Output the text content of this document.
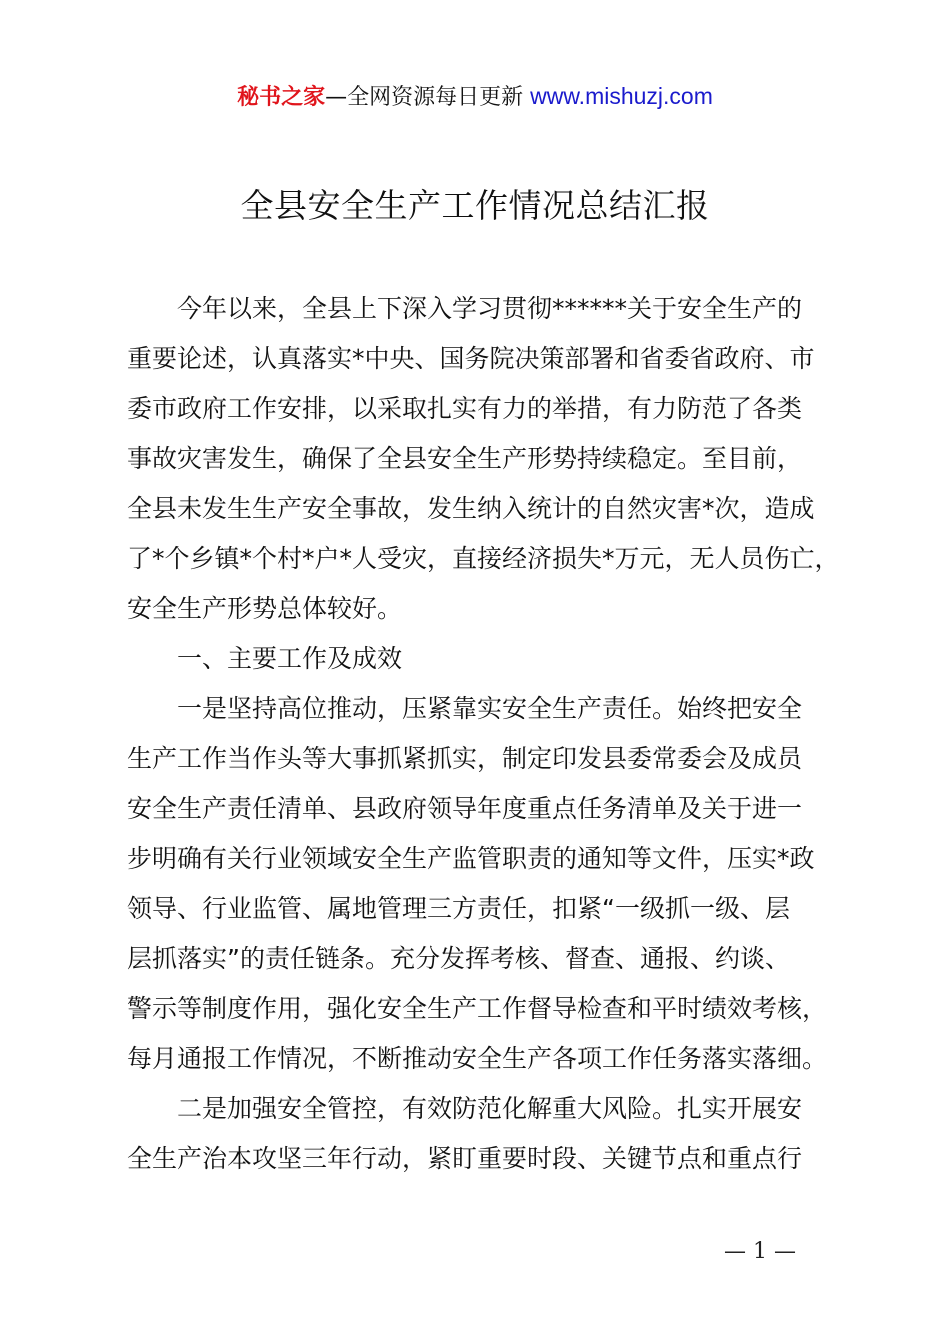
秘书之家—全网资源每日更新 www.mishuzj.com
全县安全生产工作情况总结汇报
　　今年以来，全县上下深入学习贯彻******关于安全生产的
重要论述，认真落实*中央、国务院决策部署和省委省政府、市
委市政府工作安排，以采取扎实有力的举措，有力防范了各类
事故灾害发生，确保了全县安全生产形势持续稳定。至目前，
全县未发生生产安全事故，发生纳入统计的自然灾害*次，造成
了*个乡镇*个村*户*人受灾，直接经济损失*万元，无人员伤亡，
安全生产形势总体较好。
　　一、主要工作及成效
　　一是坚持高位推动，压紧靠实安全生产责任。始终把安全
生产工作当作头等大事抓紧抓实，制定印发县委常委会及成员
安全生产责任清单、县政府领导年度重点任务清单及关于进一
步明确有关行业领域安全生产监管职责的通知等文件，压实*政
领导、行业监管、属地管理三方责任，扣紧“一级抓一级、层
层抓落实”的责任链条。充分发挥考核、督查、通报、约谈、
警示等制度作用，强化安全生产工作督导检查和平时绩效考核，
每月通报工作情况，不断推动安全生产各项工作任务落实落细。
　　二是加强安全管控，有效防范化解重大风险。扎实开展安
全生产治本攻坚三年行动，紧盯重要时段、关键节点和重点行
— 1 —
